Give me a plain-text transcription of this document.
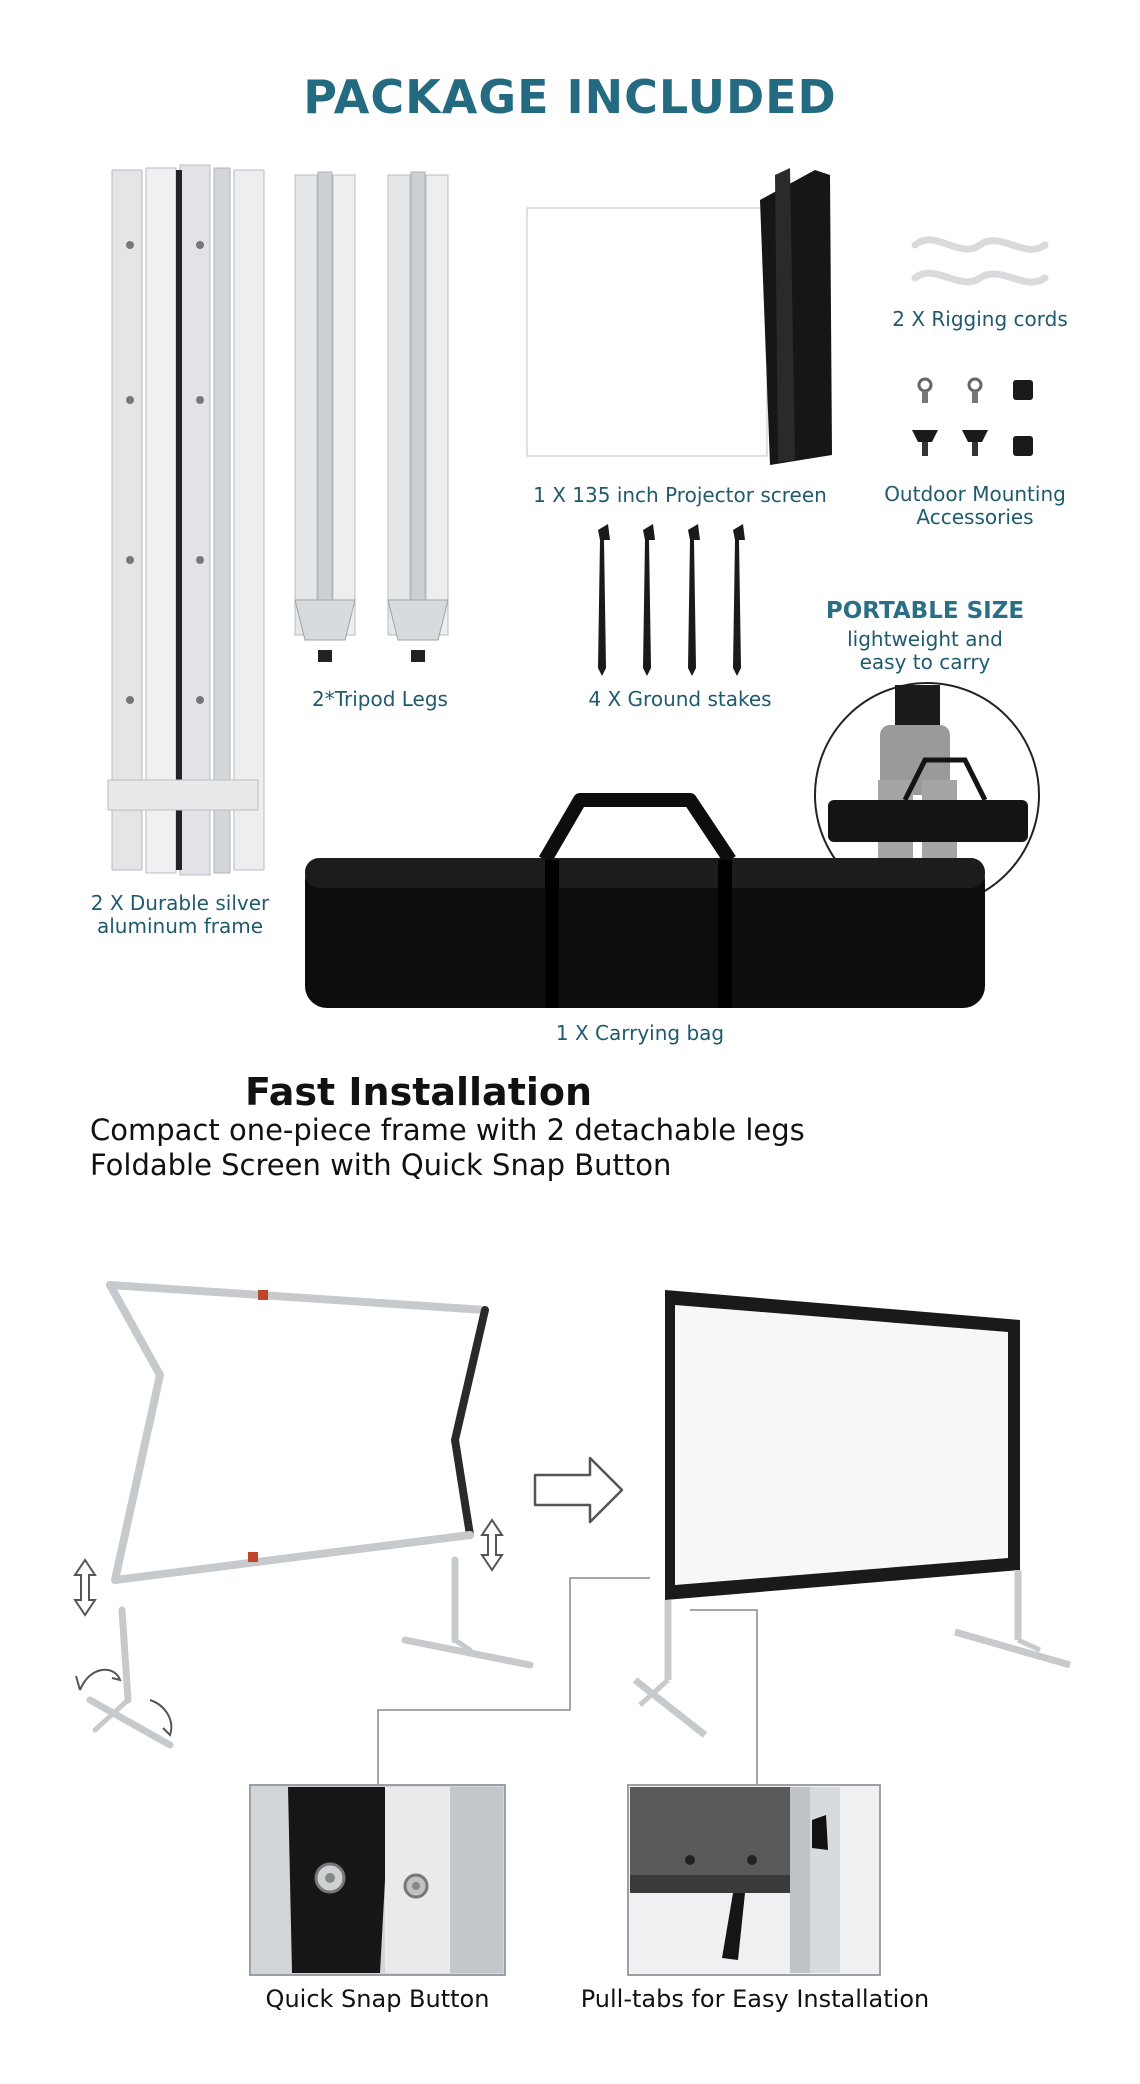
PACKAGE INCLUDED
2 X Durable silver aluminum frame
2*Tripod Legs
1 X 135 inch Projector screen
2 X Rigging cords
Outdoor Mounting Accessories
4 X Ground stakes
PORTABLE SIZE
lightweight and easy to carry
1 X Carrying bag
Fast Installation
Compact one-piece frame with 2 detachable legs
Foldable Screen with Quick Snap Button
Quick Snap Button	Pull-tabs for Easy Installation
